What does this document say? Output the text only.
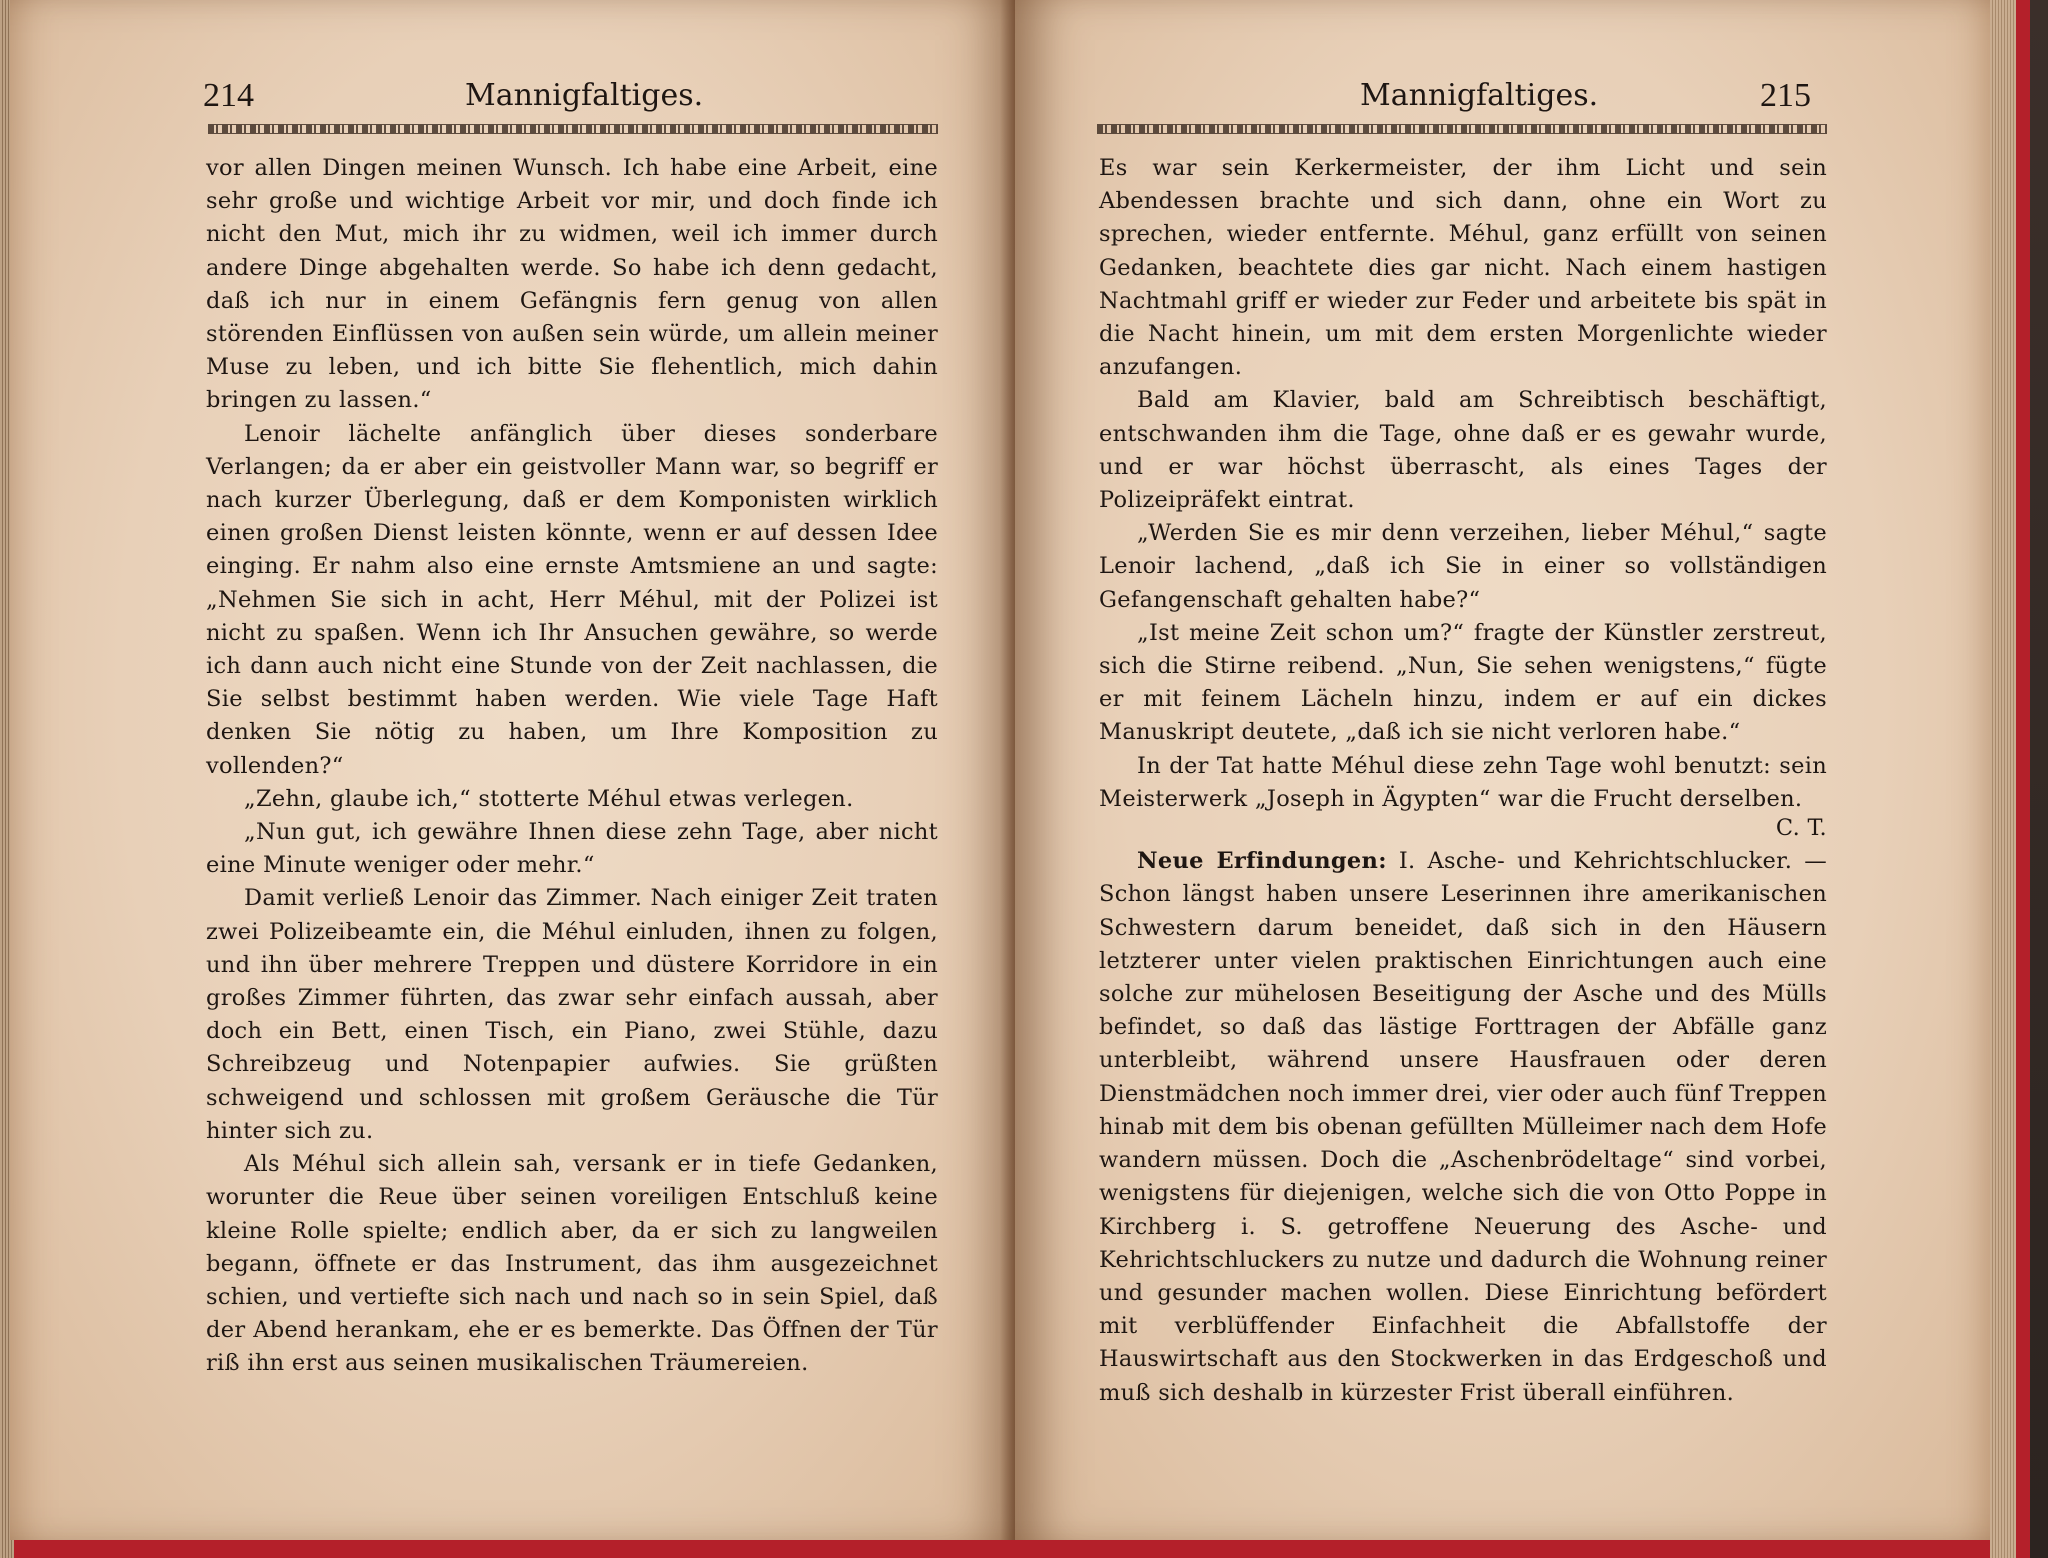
214	Mannigfaltiges.

vor allen Dingen meinen Wunsch. Ich habe eine Arbeit, eine sehr große und wichtige Arbeit vor mir, und doch finde ich nicht den Mut, mich ihr zu widmen, weil ich immer durch andere Dinge abgehalten werde. So habe ich denn gedacht, daß ich nur in einem Gefängnis fern genug von allen störenden Einflüssen von außen sein würde, um allein meiner Muse zu leben, und ich bitte Sie flehentlich, mich dahin bringen zu lassen.“

Lenoir lächelte anfänglich über dieses sonderbare Verlangen; da er aber ein geistvoller Mann war, so begriff er nach kurzer Überlegung, daß er dem Komponisten wirklich einen großen Dienst leisten könnte, wenn er auf dessen Idee einging. Er nahm also eine ernste Amtsmiene an und sagte: „Nehmen Sie sich in acht, Herr Méhul, mit der Polizei ist nicht zu spaßen. Wenn ich Ihr Ansuchen gewähre, so werde ich dann auch nicht eine Stunde von der Zeit nachlassen, die Sie selbst bestimmt haben werden. Wie viele Tage Haft denken Sie nötig zu haben, um Ihre Komposition zu vollenden?“

„Zehn, glaube ich,“ stotterte Méhul etwas verlegen.

„Nun gut, ich gewähre Ihnen diese zehn Tage, aber nicht eine Minute weniger oder mehr.“

Damit verließ Lenoir das Zimmer. Nach einiger Zeit traten zwei Polizeibeamte ein, die Méhul einluden, ihnen zu folgen, und ihn über mehrere Treppen und düstere Korridore in ein großes Zimmer führten, das zwar sehr einfach aussah, aber doch ein Bett, einen Tisch, ein Piano, zwei Stühle, dazu Schreibzeug und Notenpapier aufwies. Sie grüßten schweigend und schlossen mit großem Geräusche die Tür hinter sich zu.

Als Méhul sich allein sah, versank er in tiefe Gedanken, worunter die Reue über seinen voreiligen Entschluß keine kleine Rolle spielte; endlich aber, da er sich zu langweilen begann, öffnete er das Instrument, das ihm ausgezeichnet schien, und vertiefte sich nach und nach so in sein Spiel, daß der Abend herankam, ehe er es bemerkte. Das Öffnen der Tür riß ihn erst aus seinen musikalischen Träumereien.

Mannigfaltiges.	215

Es war sein Kerkermeister, der ihm Licht und sein Abendessen brachte und sich dann, ohne ein Wort zu sprechen, wieder entfernte. Méhul, ganz erfüllt von seinen Gedanken, beachtete dies gar nicht. Nach einem hastigen Nachtmahl griff er wieder zur Feder und arbeitete bis spät in die Nacht hinein, um mit dem ersten Morgenlichte wieder anzufangen.

Bald am Klavier, bald am Schreibtisch beschäftigt, entschwanden ihm die Tage, ohne daß er es gewahr wurde, und er war höchst überrascht, als eines Tages der Polizeipräfekt eintrat.

„Werden Sie es mir denn verzeihen, lieber Méhul,“ sagte Lenoir lachend, „daß ich Sie in einer so vollständigen Gefangenschaft gehalten habe?“

„Ist meine Zeit schon um?“ fragte der Künstler zerstreut, sich die Stirne reibend. „Nun, Sie sehen wenigstens,“ fügte er mit feinem Lächeln hinzu, indem er auf ein dickes Manuskript deutete, „daß ich sie nicht verloren habe.“

In der Tat hatte Méhul diese zehn Tage wohl benutzt: sein Meisterwerk „Joseph in Ägypten“ war die Frucht derselben.

C. T.

Neue Erfindungen: I. Asche- und Kehrichtschlucker. — Schon längst haben unsere Leserinnen ihre amerikanischen Schwestern darum beneidet, daß sich in den Häusern letzterer unter vielen praktischen Einrichtungen auch eine solche zur mühelosen Beseitigung der Asche und des Mülls befindet, so daß das lästige Forttragen der Abfälle ganz unterbleibt, während unsere Hausfrauen oder deren Dienstmädchen noch immer drei, vier oder auch fünf Treppen hinab mit dem bis obenan gefüllten Mülleimer nach dem Hofe wandern müssen. Doch die „Aschenbrödeltage“ sind vorbei, wenigstens für diejenigen, welche sich die von Otto Poppe in Kirchberg i. S. getroffene Neuerung des Asche- und Kehrichtschluckers zu nutze und dadurch die Wohnung reiner und gesunder machen wollen. Diese Einrichtung befördert mit verblüffender Einfachheit die Abfallstoffe der Hauswirtschaft aus den Stockwerken in das Erdgeschoß und muß sich deshalb in kürzester Frist überall einführen.
